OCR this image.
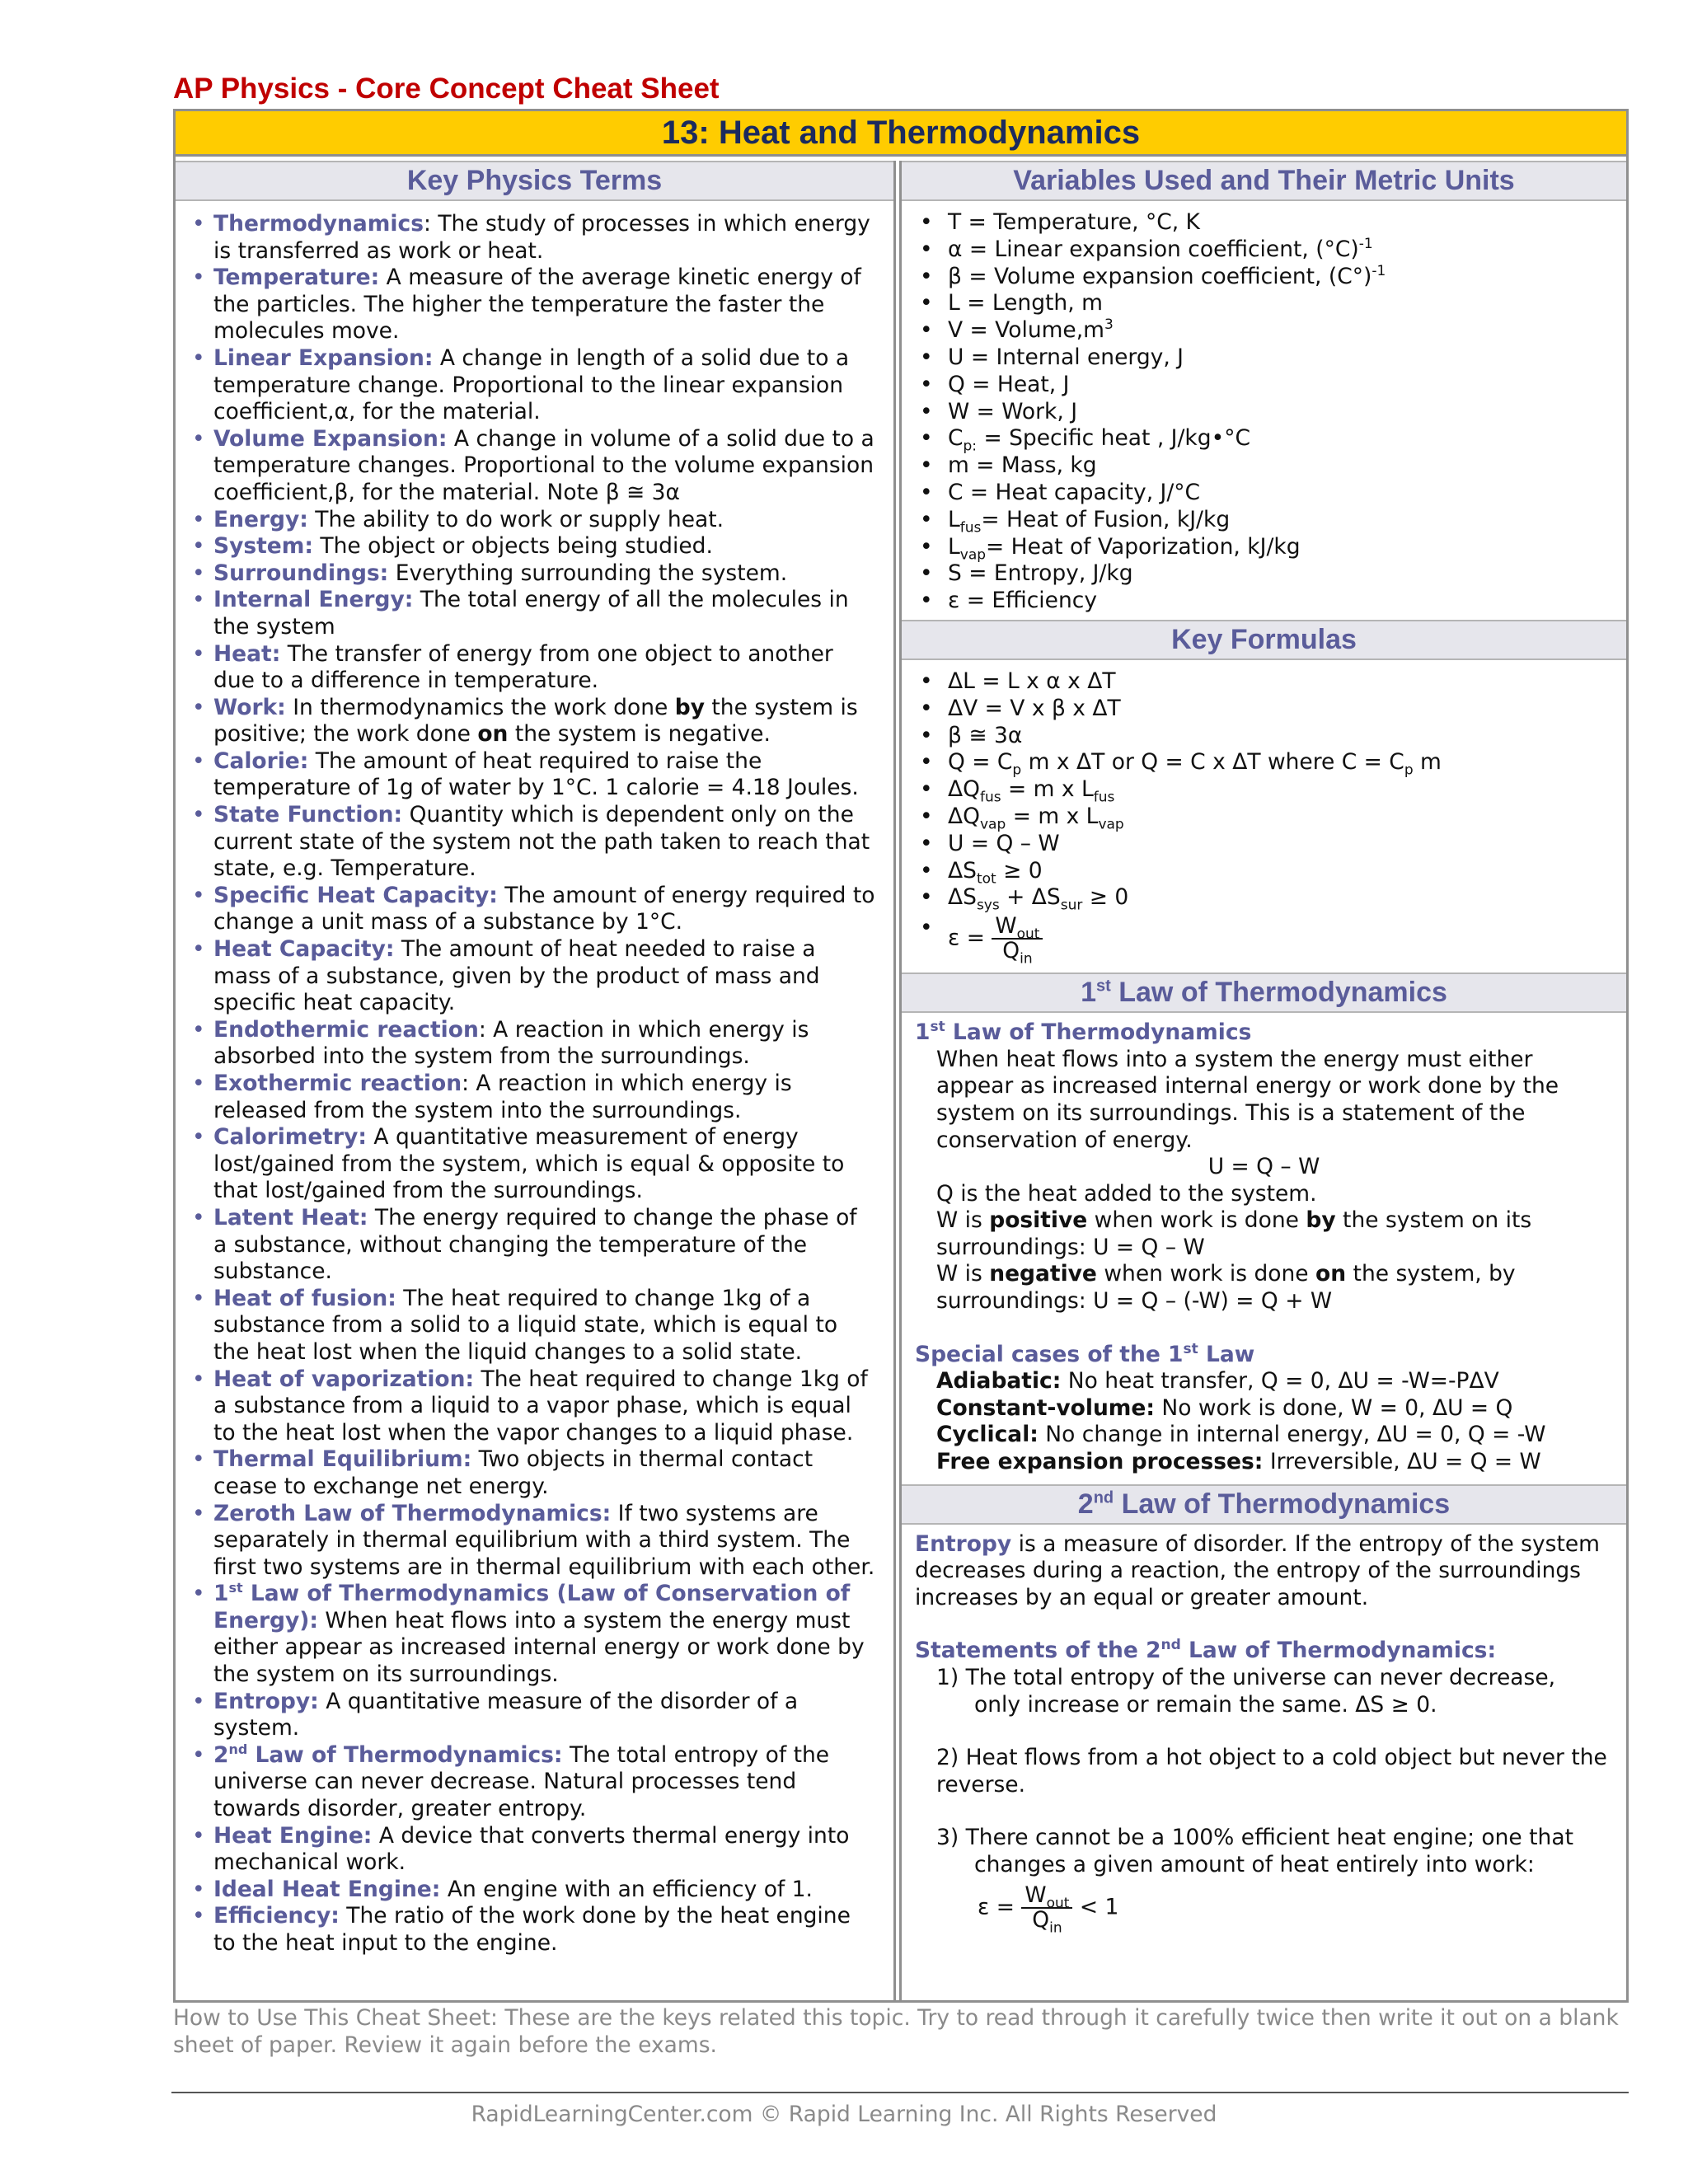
AP Physics - Core Concept Cheat Sheet
13: Heat and Thermodynamics
Key Physics Terms
• Thermodynamics: The study of processes in which energy is transferred as work or heat.
• Temperature: A measure of the average kinetic energy of the particles. The higher the temperature the faster the molecules move.
• Linear Expansion: A change in length of a solid due to a temperature change. Proportional to the linear expansion coefficient,α, for the material.
• Volume Expansion: A change in volume of a solid due to a temperature changes. Proportional to the volume expansion coefficient,β, for the material. Note β ≅ 3α
• Energy: The ability to do work or supply heat.
• System: The object or objects being studied.
• Surroundings: Everything surrounding the system.
• Internal Energy: The total energy of all the molecules in the system
• Heat: The transfer of energy from one object to another due to a difference in temperature.
• Work: In thermodynamics the work done by the system is positive; the work done on the system is negative.
• Calorie: The amount of heat required to raise the temperature of 1g of water by 1°C. 1 calorie = 4.18 Joules.
• State Function: Quantity which is dependent only on the current state of the system not the path taken to reach that state, e.g. Temperature.
• Specific Heat Capacity: The amount of energy required to change a unit mass of a substance by 1°C.
• Heat Capacity: The amount of heat needed to raise a mass of a substance, given by the product of mass and specific heat capacity.
• Endothermic reaction: A reaction in which energy is absorbed into the system from the surroundings.
• Exothermic reaction: A reaction in which energy is released from the system into the surroundings.
• Calorimetry: A quantitative measurement of energy lost/gained from the system, which is equal & opposite to that lost/gained from the surroundings.
• Latent Heat: The energy required to change the phase of a substance, without changing the temperature of the substance.
• Heat of fusion: The heat required to change 1kg of a substance from a solid to a liquid state, which is equal to the heat lost when the liquid changes to a solid state.
• Heat of vaporization: The heat required to change 1kg of a substance from a liquid to a vapor phase, which is equal to the heat lost when the vapor changes to a liquid phase.
• Thermal Equilibrium: Two objects in thermal contact cease to exchange net energy.
• Zeroth Law of Thermodynamics: If two systems are separately in thermal equilibrium with a third system. The first two systems are in thermal equilibrium with each other.
• 1st Law of Thermodynamics (Law of Conservation of Energy): When heat flows into a system the energy must either appear as increased internal energy or work done by the system on its surroundings.
• Entropy: A quantitative measure of the disorder of a system.
• 2nd Law of Thermodynamics: The total entropy of the universe can never decrease. Natural processes tend towards disorder, greater entropy.
• Heat Engine: A device that converts thermal energy into mechanical work.
• Ideal Heat Engine: An engine with an efficiency of 1.
• Efficiency: The ratio of the work done by the heat engine to the heat input to the engine.
Variables Used and Their Metric Units
• T = Temperature, °C, K
• α = Linear expansion coefficient, $(^\circ C)^{-1}$
• β = Volume expansion coefficient, $(C^\circ)^{-1}$
• L = Length, m
• $V = Volume,m^3$
• U = Internal energy, J
• Q = Heat, J
• W = Work, J
• $C_{p:}$ = Specific heat , J/kg•°C
• m = Mass, kg
• C = Heat capacity, J/°C
• $L_{fus}=$ Heat of Fusion, kJ/kg
• $L_{vap}=$ Heat of Vaporization, kJ/kg
• S = Entropy, J/kg
• ε = Efficiency
Key Formulas
• ΔL = L x α x ΔT
• ΔV = V x β x ΔT
• β ≅ 3α
• $Q = C_p$ m x ΔT or Q = C x ΔT where $C = C_p$ m
• $\Delta Q_{fus} = m$ x $L_{fus}$
• $\Delta Q_{vap} = m$ x $L_{vap}$
• U = Q – W
• $\Delta S_{tot} \ge 0$
• $\Delta S_{sys} + \Delta S_{sur} \ge 0$
• $\varepsilon = \frac{W_{out}}{Q_{in}}$
1st Law of Thermodynamics
1st Law of Thermodynamics
When heat flows into a system the energy must either appear as increased internal energy or work done by the system on its surroundings. This is a statement of the conservation of energy.
U = Q – W
Q is the heat added to the system.
W is positive when work is done by the system on its surroundings: U = Q – W
W is negative when work is done on the system, by surroundings: U = Q – (-W) = Q + W
Special cases of the 1st Law
Adiabatic: No heat transfer, Q = 0, ΔU = -W=-PΔV
Constant-volume: No work is done, W = 0, ΔU = Q
Cyclical: No change in internal energy, ΔU = 0, Q = -W
Free expansion processes: Irreversible, ΔU = Q = W
2nd Law of Thermodynamics
Entropy is a measure of disorder. If the entropy of the system decreases during a reaction, the entropy of the surroundings increases by an equal or greater amount.
Statements of the 2nd Law of Thermodynamics:
1) The total entropy of the universe can never decrease,
only increase or remain the same. ΔS ≥ 0.
2) Heat flows from a hot object to a cold object but never the reverse.
3) There cannot be a 100% efficient heat engine; one that
changes a given amount of heat entirely into work:
$\varepsilon = \frac{W_{out}}{Q_{in}} < 1$
How to Use This Cheat Sheet: These are the keys related this topic. Try to read through it carefully twice then write it out on a blank sheet of paper. Review it again before the exams.
RapidLearningCenter.com © Rapid Learning Inc. All Rights Reserved
